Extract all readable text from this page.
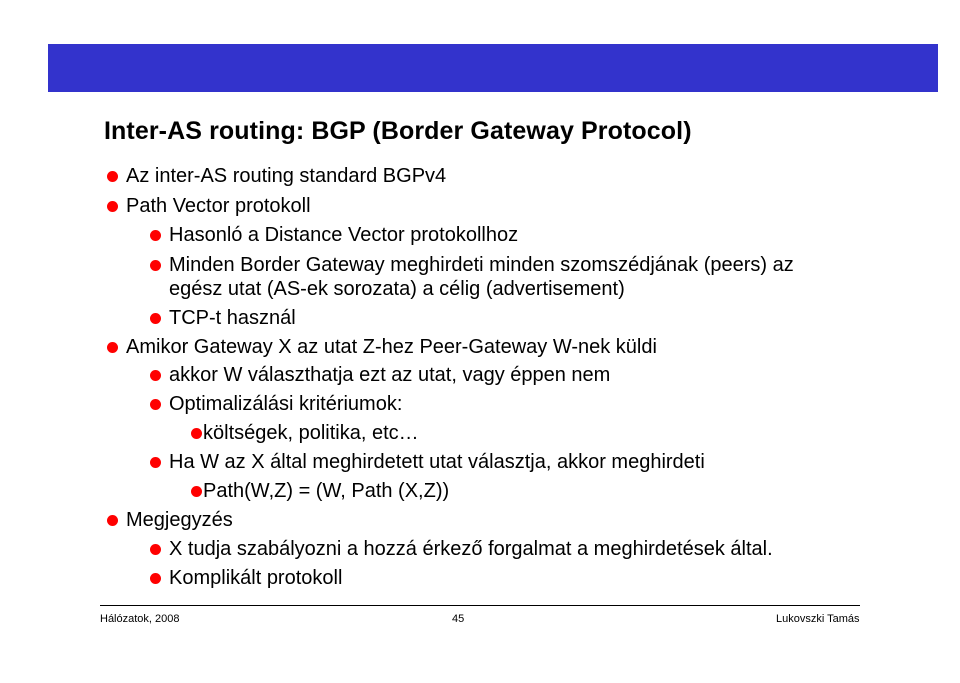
Inter-AS routing: BGP (Border Gateway Protocol)
Az inter-AS routing standard BGPv4
Path Vector protokoll
Hasonló a Distance Vector protokollhoz
Minden Border Gateway meghirdeti minden szomszédjának (peers) az
egész utat (AS-ek sorozata) a célig (advertisement)
TCP-t használ
Amikor Gateway X az utat Z-hez Peer-Gateway W-nek küldi
akkor W választhatja ezt az utat, vagy éppen nem
Optimalizálási kritériumok:
költségek, politika, etc…
Ha W az X által meghirdetett utat választja, akkor meghirdeti
Path(W,Z) = (W, Path (X,Z))
Megjegyzés
X tudja szabályozni a hozzá érkező forgalmat a meghirdetések által.
Komplikált protokoll
Hálózatok, 2008	45	Lukovszki Tamás
